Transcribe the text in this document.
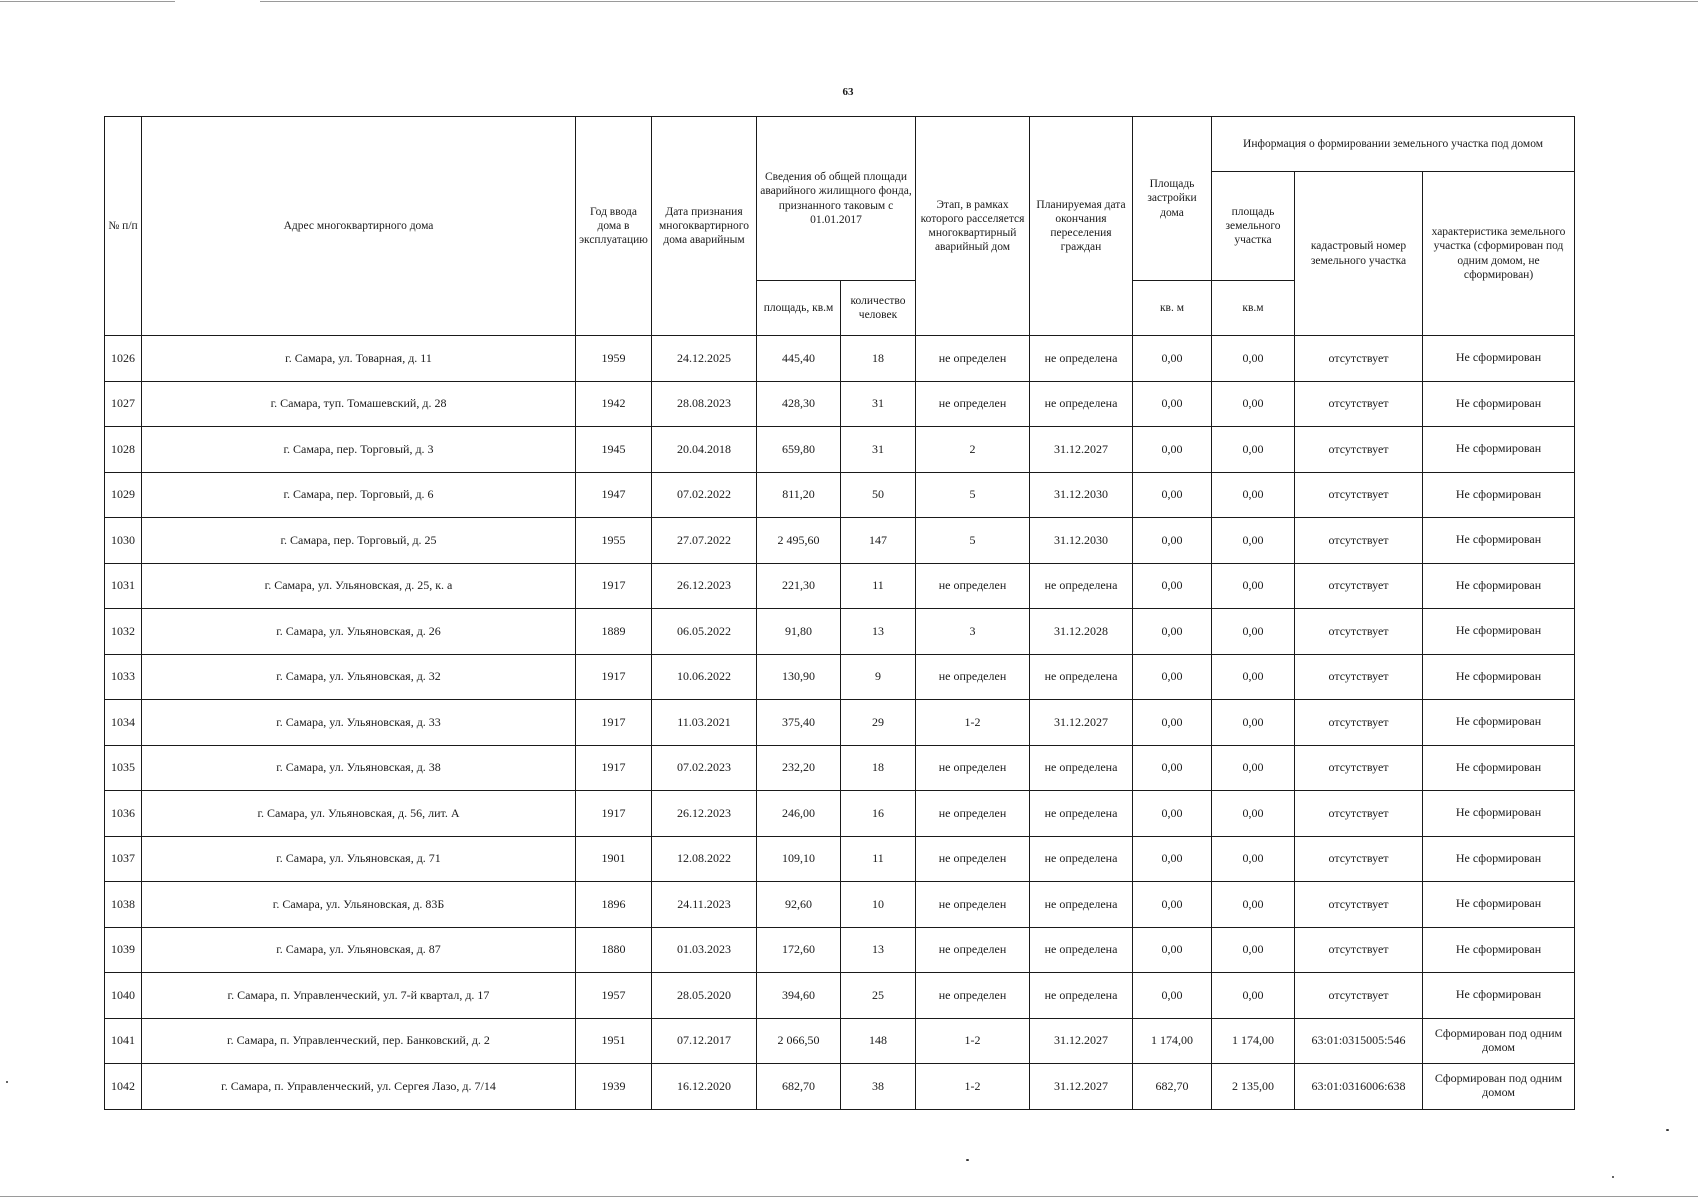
63
№ п/п	Адрес многоквартирного дома	Год ввода дома в эксплуатацию	Дата признания многоквартирного дома аварийным	Сведения об общей площади аварийного жилищного фонда, признанного таковым с 01.01.2017		Этап, в рамках которого расселяется многоквартирный аварийный дом	Планируемая дата окончания переселения граждан	Площадь застройки дома	Информация о формировании земельного участка под домом		
									площадь земельного участка	кадастровый номер земельного участка	характеристика земельного участка (сформирован под одним домом, не сформирован)
				площадь, кв.м	количество человек			кв. м	кв.м		
1026	г. Самара, ул. Товарная, д. 11	1959	24.12.2025	445,40	18	не определен	не определена	0,00	0,00	отсутствует	Не сформирован
1027	г. Самара, туп. Томашевский, д. 28	1942	28.08.2023	428,30	31	не определен	не определена	0,00	0,00	отсутствует	Не сформирован
1028	г. Самара, пер. Торговый, д. 3	1945	20.04.2018	659,80	31	2	31.12.2027	0,00	0,00	отсутствует	Не сформирован
1029	г. Самара, пер. Торговый, д. 6	1947	07.02.2022	811,20	50	5	31.12.2030	0,00	0,00	отсутствует	Не сформирован
1030	г. Самара, пер. Торговый, д. 25	1955	27.07.2022	2 495,60	147	5	31.12.2030	0,00	0,00	отсутствует	Не сформирован
1031	г. Самара, ул. Ульяновская, д. 25, к. а	1917	26.12.2023	221,30	11	не определен	не определена	0,00	0,00	отсутствует	Не сформирован
1032	г. Самара, ул. Ульяновская, д. 26	1889	06.05.2022	91,80	13	3	31.12.2028	0,00	0,00	отсутствует	Не сформирован
1033	г. Самара, ул. Ульяновская, д. 32	1917	10.06.2022	130,90	9	не определен	не определена	0,00	0,00	отсутствует	Не сформирован
1034	г. Самара, ул. Ульяновская, д. 33	1917	11.03.2021	375,40	29	1-2	31.12.2027	0,00	0,00	отсутствует	Не сформирован
1035	г. Самара, ул. Ульяновская, д. 38	1917	07.02.2023	232,20	18	не определен	не определена	0,00	0,00	отсутствует	Не сформирован
1036	г. Самара, ул. Ульяновская, д. 56, лит. А	1917	26.12.2023	246,00	16	не определен	не определена	0,00	0,00	отсутствует	Не сформирован
1037	г. Самара, ул. Ульяновская, д. 71	1901	12.08.2022	109,10	11	не определен	не определена	0,00	0,00	отсутствует	Не сформирован
1038	г. Самара, ул. Ульяновская, д. 83Б	1896	24.11.2023	92,60	10	не определен	не определена	0,00	0,00	отсутствует	Не сформирован
1039	г. Самара, ул. Ульяновская, д. 87	1880	01.03.2023	172,60	13	не определен	не определена	0,00	0,00	отсутствует	Не сформирован
1040	г. Самара, п. Управленческий, ул. 7-й квартал, д. 17	1957	28.05.2020	394,60	25	не определен	не определена	0,00	0,00	отсутствует	Не сформирован
1041	г. Самара, п. Управленческий, пер. Банковский, д. 2	1951	07.12.2017	2 066,50	148	1-2	31.12.2027	1 174,00	1 174,00	63:01:0315005:546	Сформирован под одним домом
1042	г. Самара, п. Управленческий, ул. Сергея Лазо, д. 7/14	1939	16.12.2020	682,70	38	1-2	31.12.2027	682,70	2 135,00	63:01:0316006:638	Сформирован под одним домом
